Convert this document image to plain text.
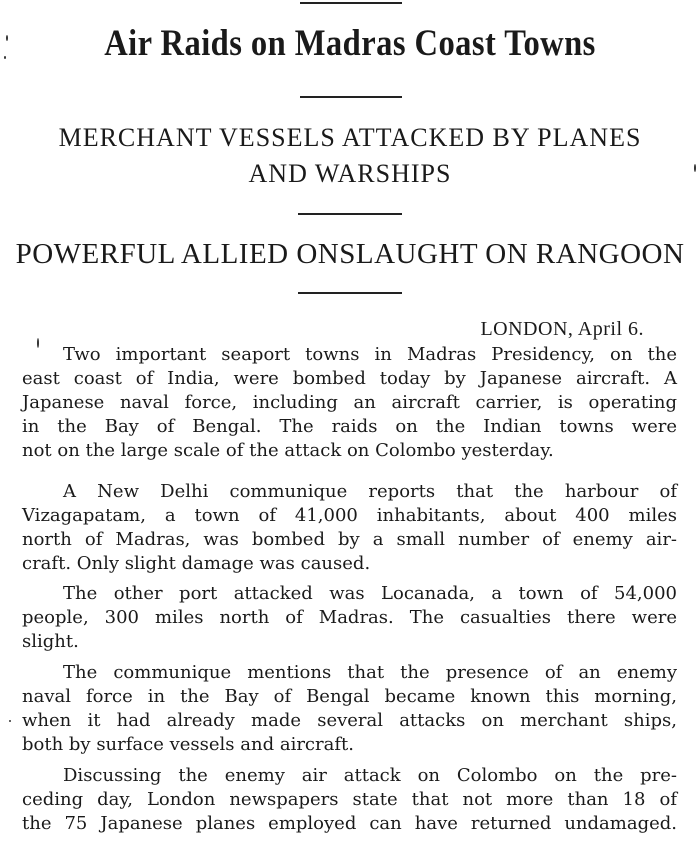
Air Raids on Madras Coast Towns
MERCHANT VESSELS ATTACKED BY PLANES
AND WARSHIPS
POWERFUL ALLIED ONSLAUGHT ON RANGOON
LONDON, April 6.
Two important seaport towns in Madras Presidency, on the
east coast of India, were bombed today by Japanese aircraft. A
Japanese naval force, including an aircraft carrier, is operating
in the Bay of Bengal. The raids on the Indian towns were
not on the large scale of the attack on Colombo yesterday.
A New Delhi communique reports that the harbour of
Vizagapatam, a town of 41,000 inhabitants, about 400 miles
north of Madras, was bombed by a small number of enemy air-
craft. Only slight damage was caused.
The other port attacked was Locanada, a town of 54,000
people, 300 miles north of Madras. The casualties there were
slight.
The communique mentions that the presence of an enemy
naval force in the Bay of Bengal became known this morning,
when it had already made several attacks on merchant ships,
both by surface vessels and aircraft.
Discussing the enemy air attack on Colombo on the pre-
ceding day, London newspapers state that not more than 18 of
the 75 Japanese planes employed can have returned undamaged.
